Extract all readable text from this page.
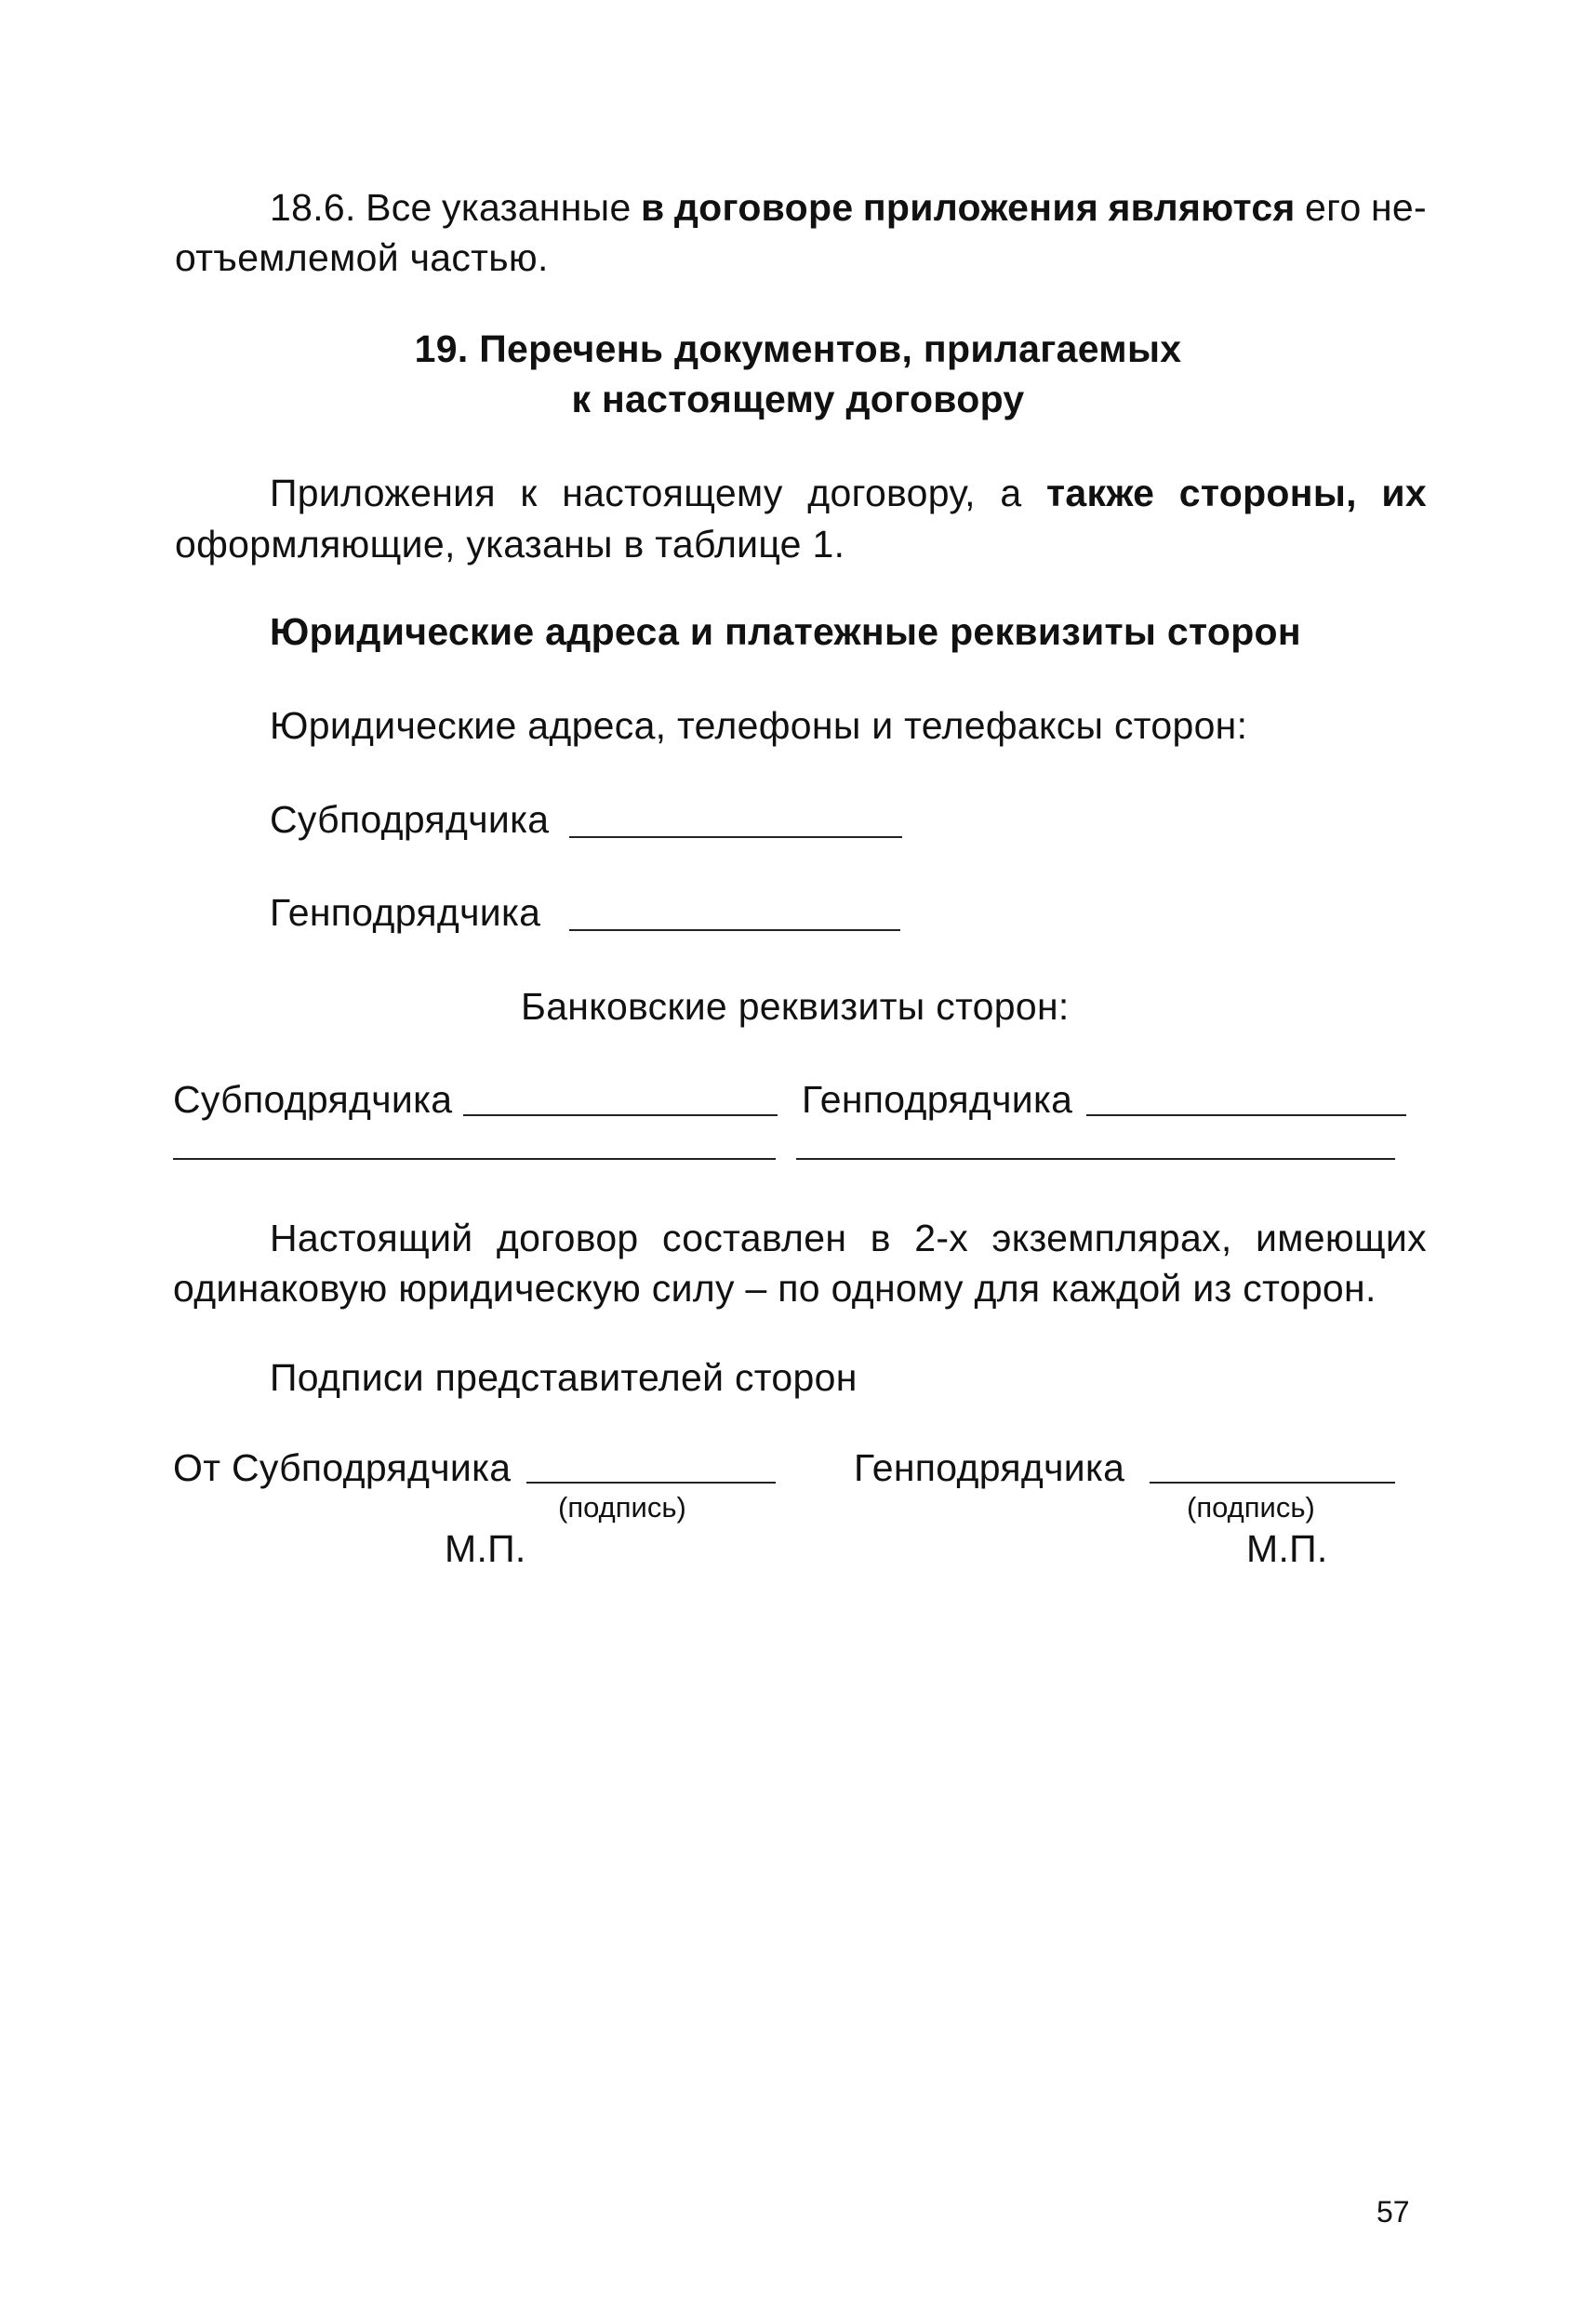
18.6. Все указанные в договоре приложения являются его не-
отъемлемой частью.
19. Перечень документов, прилагаемых
к настоящему договору
Приложения к настоящему договору, а также стороны, их
оформляющие, указаны в таблице 1.
Юридические адреса и платежные реквизиты сторон
Юридические адреса, телефоны и телефаксы сторон:
Субподрядчика
Генподрядчика
Банковские реквизиты сторон:
Субподрядчика	Генподрядчика
Настоящий договор составлен в 2-х экземплярах, имеющих
одинаковую юридическую силу – по одному для каждой из сторон.
Подписи представителей сторон
От Субподрядчика	Генподрядчика
(подпись)	(подпись)
М.П.	М.П.
57
